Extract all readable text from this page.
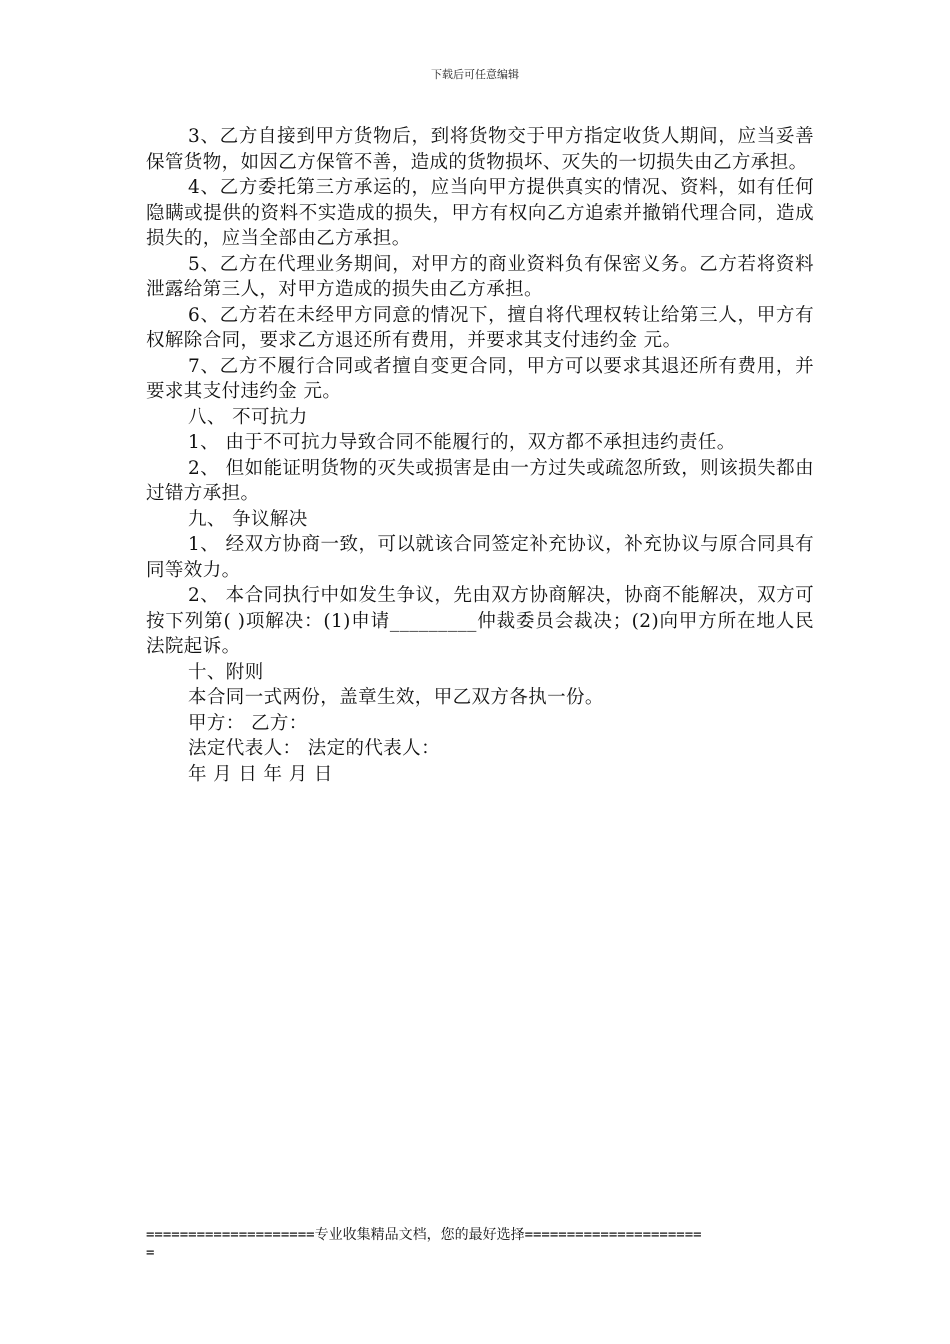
下载后可任意编辑

3、乙方自接到甲方货物后，到将货物交于甲方指定收货人期间，应当妥善保管货物，如因乙方保管不善，造成的货物损坏、灭失的一切损失由乙方承担。

4、乙方委托第三方承运的，应当向甲方提供真实的情况、资料，如有任何隐瞒或提供的资料不实造成的损失，甲方有权向乙方追索并撤销代理合同，造成损失的，应当全部由乙方承担。

5、乙方在代理业务期间，对甲方的商业资料负有保密义务。乙方若将资料泄露给第三人，对甲方造成的损失由乙方承担。

6、乙方若在未经甲方同意的情况下，擅自将代理权转让给第三人，甲方有权解除合同，要求乙方退还所有费用，并要求其支付违约金 元。

7、乙方不履行合同或者擅自变更合同，甲方可以要求其退还所有费用，并要求其支付违约金 元。

八、 不可抗力

1、 由于不可抗力导致合同不能履行的，双方都不承担违约责任。

2、 但如能证明货物的灭失或损害是由一方过失或疏忽所致，则该损失都由过错方承担。

九、 争议解决

1、 经双方协商一致，可以就该合同签定补充协议，补充协议与原合同具有同等效力。

2、 本合同执行中如发生争议，先由双方协商解决，协商不能解决，双方可按下列第( )项解决：(1)申请_________仲裁委员会裁决；(2)向甲方所在地人民法院起诉。

十、附则

本合同一式两份，盖章生效，甲乙双方各执一份。

甲方： 乙方：

法定代表人： 法定的代表人：

年 月 日 年 月 日

====================专业收集精品文档，您的最好选择=====================
=
